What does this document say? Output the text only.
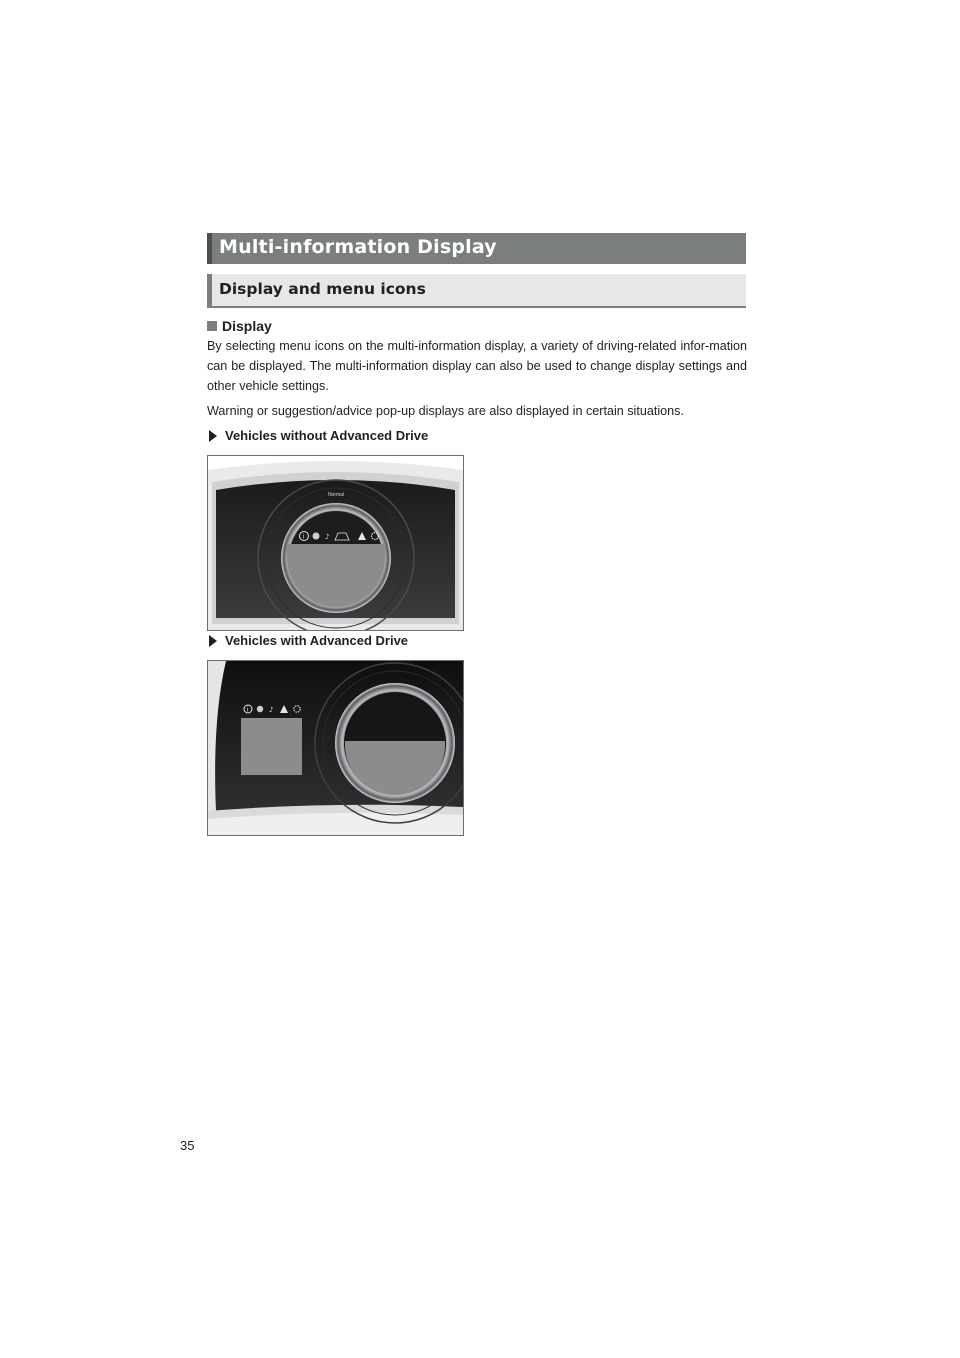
Multi-information Display
Display and menu icons
Display
By selecting menu icons on the multi-information display, a variety of driving-related infor-mation can be displayed. The multi-information display can also be used to change display settings and other vehicle settings.
Warning or suggestion/advice pop-up displays are also displayed in certain situations.
Vehicles without Advanced Drive
Normal
i	♪
Vehicles with Advanced Drive
i	♪
35
